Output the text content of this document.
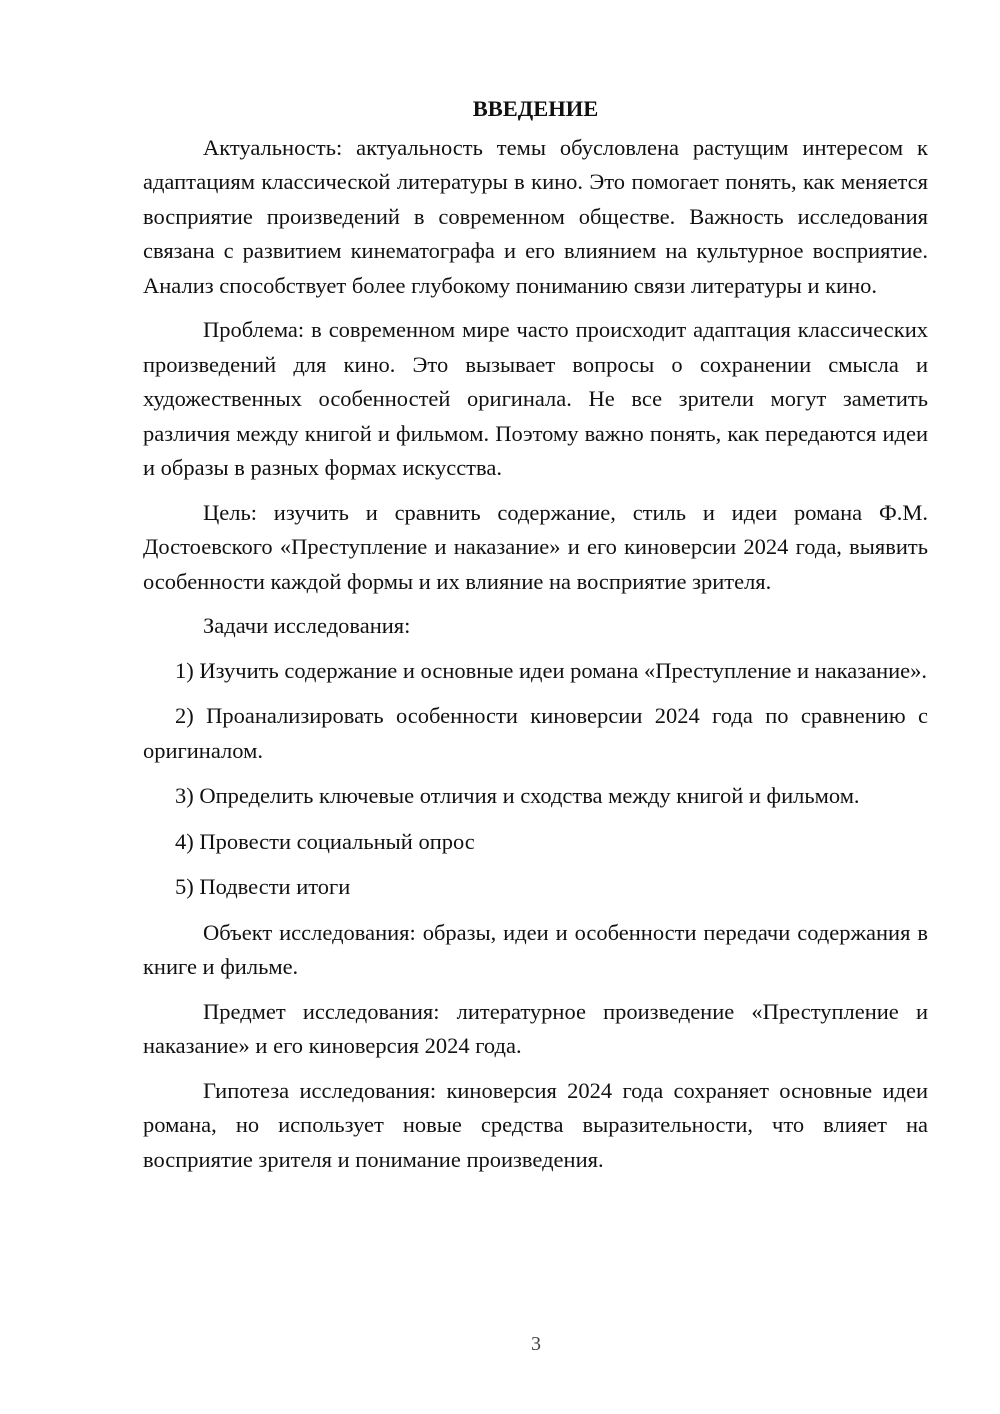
ВВЕДЕНИЕ

Актуальность: актуальность темы обусловлена растущим интересом к адаптациям классической литературы в кино. Это помогает понять, как меняется восприятие произведений в современном обществе. Важность исследования связана с развитием кинематографа и его влиянием на культурное восприятие. Анализ способствует более глубокому пониманию связи литературы и кино.

Проблема: в современном мире часто происходит адаптация классических произведений для кино. Это вызывает вопросы о сохранении смысла и художественных особенностей оригинала. Не все зрители могут заметить различия между книгой и фильмом. Поэтому важно понять, как передаются идеи и образы в разных формах искусства.

Цель: изучить и сравнить содержание, стиль и идеи романа Ф.М. Достоевского «Преступление и наказание» и его киноверсии 2024 года, выявить особенности каждой формы и их влияние на восприятие зрителя.

Задачи исследования:

1) Изучить содержание и основные идеи романа «Преступление и наказание».

2) Проанализировать особенности киноверсии 2024 года по сравнению с оригиналом.

3) Определить ключевые отличия и сходства между книгой и фильмом.

4) Провести социальный опрос

5) Подвести итоги

Объект исследования: образы, идеи и особенности передачи содержания в книге и фильме.

Предмет исследования: литературное произведение «Преступление и наказание» и его киноверсия 2024 года.

Гипотеза исследования: киноверсия 2024 года сохраняет основные идеи романа, но использует новые средства выразительности, что влияет на восприятие зрителя и понимание произведения.

3
